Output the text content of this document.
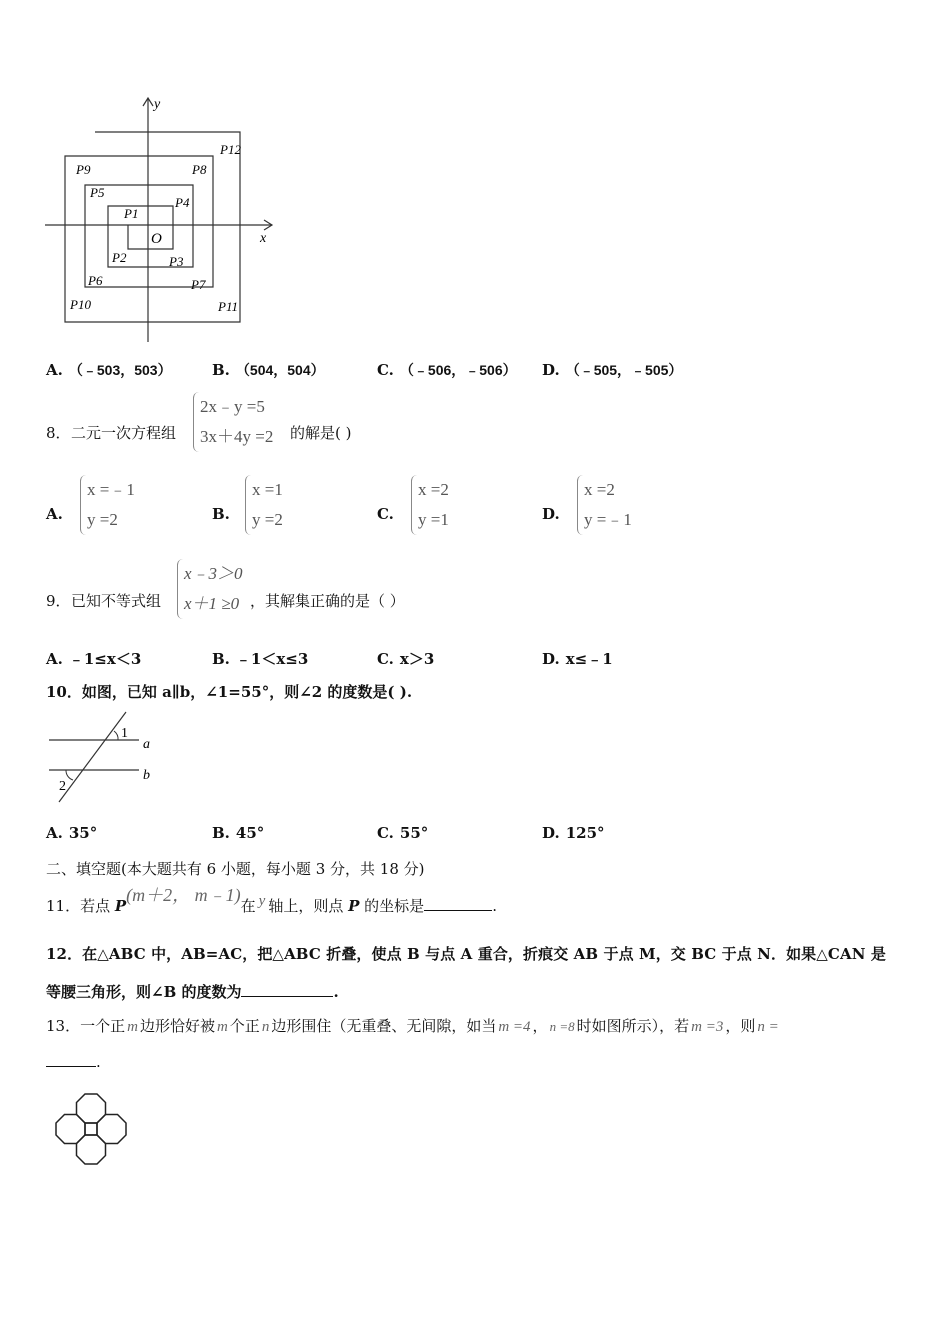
x
y
O
P1
P2	P3
P4
P5
P6	P7
P8
P9
P10	P11
P12
A. （﹣503，503）	B. （504，504）	C. （﹣506，﹣506） D. （﹣505，﹣505）
8． 二元一次方程组
2x﹣y =5
3x＋4y =2 的解是( )
A.
x =﹣1
y =2	B.
x =1
y =2	C.
x =2
y =1	D.
x =2
y =﹣1
9． 已知不等式组
x﹣3＞0
x＋1 ≥0 ，其解集正确的是（ ）
A. ﹣1≤x＜3	B. ﹣1＜x≤3	C. x＞3	D. x≤﹣1
10．如图，已知 a∥b，∠1=55°，则∠2 的度数是( ).
1
2
a
b
A. 35°	B. 45°	C. 55°	D. 125°
二、填空题(本大题共有 6 小题，每小题 3 分，共 18 分)
11．若点 P(m＋2， m﹣1)在 y 轴上，则点 P 的坐标是	.
12．在△ABC 中，AB=AC，把△ABC 折叠，使点 B 与点 A 重合，折痕交 AB 于点 M，交 BC 于点 N．如果△CAN 是
等腰三角形，则∠B 的度数为	.
13．一个正 m 边形恰好被 m 个正 n 边形围住（无重叠、无间隙，如当 m =4 ， n =8 时如图所示），若 m =3 ，则 n =
.
